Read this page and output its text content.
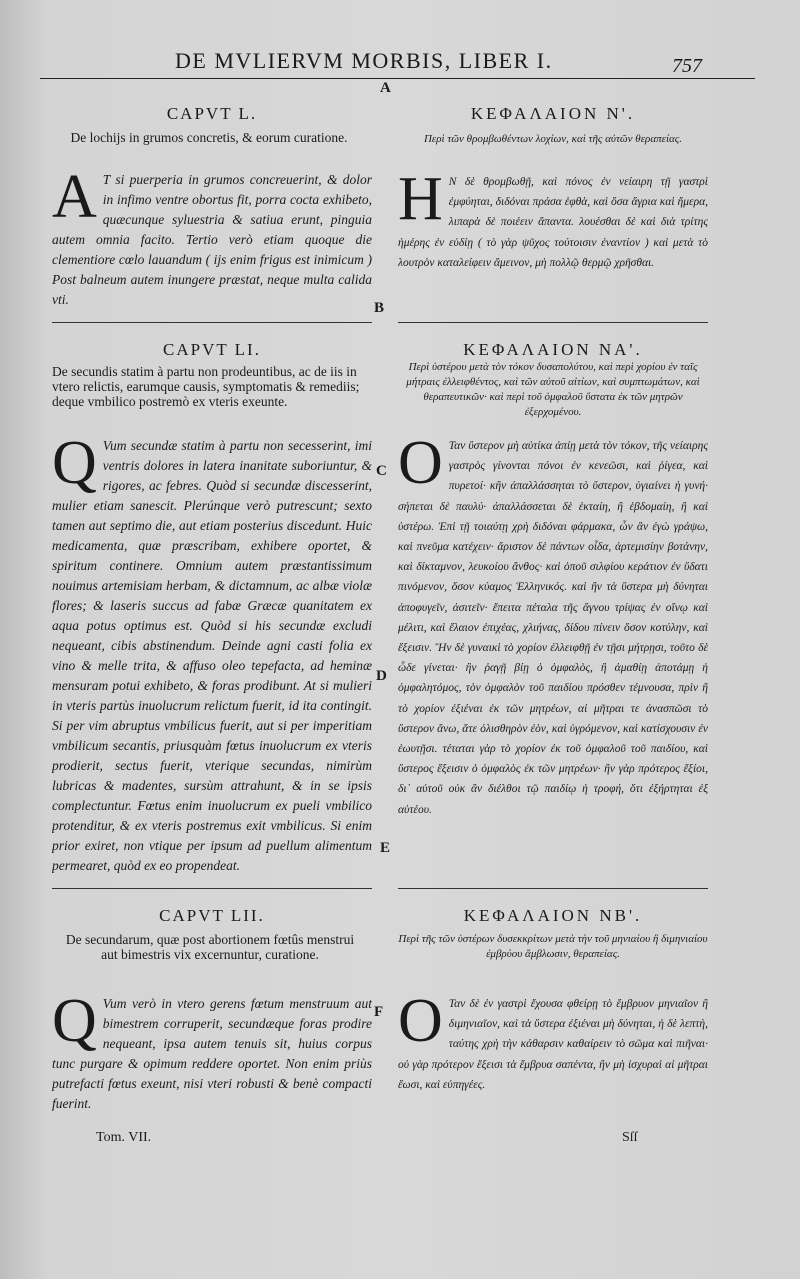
DE MVLIERVM MORBIS, LIBER I.	757
A
B
C
D
E
F
CAPVT L.
De lochijs in grumos concretis, & eorum curatione.
A T si puerperia in grumos concreuerint, & dolor in infimo ventre obortus fit, porra cocta exhibeto, quæcunque syluestria & satiua erunt, pinguia autem omnia facito. Tertio verò etiam quoque die clementiore cœlo lauandum ( ijs enim frigus est inimicum ) Post balneum autem inungere præstat, neque multa calida vti.
ΚΕΦΑΛΑΙΟΝ Ν'.
Περὶ τῶν θρομβωθέντων λοχίων, καὶ τῆς αὐτῶν θεραπείας.
Η Ν δὲ θρομβωθῇ, καὶ πόνος ἐν νείαιρη τῇ γαστρὶ ἐμφύηται, διδόναι πράσα ἑφθὰ, καὶ ὅσα ἄγρια καὶ ἥμερα, λιπαρὰ δὲ ποιέειν ἅπαντα. λουέσθαι δὲ καὶ διὰ τρίτης ἡμέρης ἐν εὐδίῃ ( τὸ γὰρ ψῦχος τούτοισιν ἐναντίον ) καὶ μετὰ τὸ λουτρὸν καταλείφειν ἄμεινον, μὴ πολλῷ θερμῷ χρῆσθαι.
CAPVT LI.
De secundis statim à partu non prodeuntibus, ac de iis in vtero relictis, earumque causis, symptomatis & remediis; deque vmbilico postremò ex vteris exeunte.
Q Vum secundæ statim à partu non secesserint, imi ventris dolores in latera inanitate suboriuntur, & rigores, ac febres. Quòd si secundæ discesserint, mulier etiam sanescit. Plerúnque verò putrescunt; sexto tamen aut septimo die, aut etiam posterius discedunt. Huic medicamenta, quæ præscribam, exhibere oportet, & spiritum continere. Omnium autem præstantissimum nouimus artemisiam herbam, & dictamnum, ac albæ violæ flores; & laseris succus ad fabæ Græcæ quanitatem ex aqua potus optimus est. Quòd si his secundæ excludi nequeant, cibis abstinendum. Deinde agni casti folia ex vino & melle trita, & affuso oleo tepefacta, ad heminæ mensuram potui exhibeto, & foras prodibunt. At si mulieri in vteris partùs inuolucrum relictum fuerit, id ita contingit. Si per vim abruptus vmbilicus fuerit, aut si per imperitiam vmbilicum secantis, priusquàm fœtus inuolucrum ex vteris prodierit, sectus fuerit, vterique secundas, nimirùm lubricas & madentes, sursùm attrahunt, & in se ipsis complectuntur. Fœtus enim inuolucrum ex pueli vmbilico protenditur, & ex vteris postremus exit vmbilicus. Si enim prior exiret, non vtique per ipsum ad puellum alimentum permearet, quòd ex eo propendeat.
ΚΕΦΑΛΑΙΟΝ ΝΑ'.
Περὶ ὑστέρου μετὰ τὸν τόκον δυσαπολύτου, καὶ περὶ χορίου ἐν ταῖς μήτραις ἐλλειφθέντος, καὶ τῶν αὐτοῦ αἰτίων, καὶ συμπτωμάτων, καὶ θεραπευτικῶν· καὶ περὶ τοῦ ὀμφαλοῦ ὕστατα ἐκ τῶν μητρῶν ἐξερχομένου.
Ο Ταν ὕστερον μὴ αὐτίκα ἀπίῃ μετὰ τὸν τόκον, τῆς νείαιρης γαστρὸς γίνονται πόνοι ἐν κενεῶσι, καὶ ῥίγεα, καὶ πυρετοί· κἢν ἀπαλλάσσηται τὸ ὕστερον, ὑγιαίνει ἡ γυνή· σήπεται δὲ παυλύ· ἀπαλλάσσεται δὲ ἑκταίη, ἢ ἑβδομαίη, ἢ καὶ ὑστέρω. Ἐπὶ τῇ τοιαύτῃ χρὴ διδόναι φάρμακα, ὧν ἂν ἐγὼ γράψω, καὶ πνεῦμα κατέχειν· ἄριστον δὲ πάντων οἶδα, ἀρτεμισίην βοτάνην, καὶ δίκταμνον, λευκοίου ἄνθος· καὶ ὀποῦ σιλφίου κεράτιον ἐν ὕδατι πινόμενον, ὅσον κύαμος Ἑλληνικός. καὶ ἢν τὰ ὕστερα μὴ δύνηται ἀποφυγεῖν, ἀσιτεῖν· ἔπειτα πέταλα τῆς ἄγνου τρίψας ἐν οἴνῳ καὶ μέλιτι, καὶ ἔλαιον ἐπιχέας, χλιήνας, δίδου πίνειν ὅσον κοτύλην, καὶ ἔξεισιν. Ἢν δὲ γυναικὶ τὸ χορίον ἐλλειφθῇ ἐν τῇσι μήτρῃσι, τοῦτο δὲ ὧδε γίνεται· ἢν ῥαγῇ βίῃ ὁ ὀμφαλὸς, ἢ ἀμαθίῃ ἀποτάμῃ ἡ ὀμφαλητόμος, τὸν ὀμφαλὸν τοῦ παιδίου πρόσθεν τέμνουσα, πρὶν ἢ τὸ χορίον ἐξιέναι ἐκ τῶν μητρέων, αἱ μῆτραι τε ἀνασπῶσι τὸ ὕστερον ἄνω, ἅτε ὀλισθηρὸν ἐὸν, καὶ ὑγρόμενον, καὶ κατίσχουσιν ἐν ἑωυτῇσι. τέταται γὰρ τὸ χορίον ἐκ τοῦ ὀμφαλοῦ τοῦ παιδίου, καὶ ὕστερος ἔξεισιν ὁ ὀμφαλὸς ἐκ τῶν μητρέων· ἢν γὰρ πρότερος ἔξίοι, δι᾽ αὐτοῦ οὐκ ἂν διέλθοι τῷ παιδίῳ ἡ τροφή, ὅτι ἐξήρτηται ἐξ αὐτέου.
CAPVT LII.
De secundarum, quæ post abortionem fœtûs menstrui aut bimestris vix excernuntur, curatione.
Q Vum verò in vtero gerens fœtum menstruum aut bimestrem corruperit, secundæque foras prodire nequeant, ipsa autem tenuis sit, huius corpus tunc purgare & opimum reddere oportet. Non enim priùs putrefacti fœtus exeunt, nisi vteri robusti & benè compacti fuerint.
ΚΕΦΑΛΑΙΟΝ ΝΒ'.
Περὶ τῆς τῶν ὑστέρων δυσεκκρίτων μετὰ τὴν τοῦ μηνιαίου ἢ διμηνιαίου ἐμβρύου ἄμβλωσιν, θεραπείας.
Ο Ταν δὲ ἐν γαστρὶ ἔχουσα φθείρῃ τὸ ἔμβρυον μηνιαῖον ἢ διμηνιαῖον, καὶ τὰ ὕστερα ἐξιέναι μὴ δύνηται, ἡ δὲ λεπτὴ, ταύτης χρὴ τὴν κάθαρσιν καθαίρειν τὸ σῶμα καὶ πιῆναι· οὐ γὰρ πρότερον ἔξεισι τὰ ἔμβρυα σαπέντα, ἢν μὴ ἰσχυραὶ αἱ μῆτραι ἔωσι, καὶ εὐπηγέες.
Tom. VII.	Sſſ
